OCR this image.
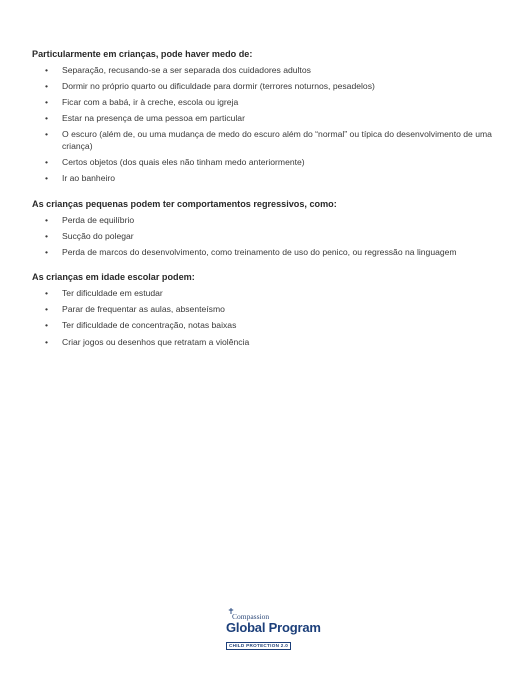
Particularmente em crianças, pode haver medo de:
• Separação, recusando-se a ser separada dos cuidadores adultos
• Dormir no próprio quarto ou dificuldade para dormir (terrores noturnos, pesadelos)
• Ficar com a babá, ir à creche, escola ou igreja
• Estar na presença de uma pessoa em particular
• O escuro (além de, ou uma mudança de medo do escuro além do “normal” ou típica do desenvolvimento de uma criança)
• Certos objetos (dos quais eles não tinham medo anteriormente)
• Ir ao banheiro
As crianças pequenas podem ter comportamentos regressivos, como:
• Perda de equilíbrio
• Sucção do polegar
• Perda de marcos do desenvolvimento, como treinamento de uso do penico, ou regressão na linguagem
As crianças em idade escolar podem:
• Ter dificuldade em estudar
• Parar de frequentar as aulas, absenteísmo
• Ter dificuldade de concentração, notas baixas
• Criar jogos ou desenhos que retratam a violência
Compassion
Global Program
CHILD PROTECTION 2.0
